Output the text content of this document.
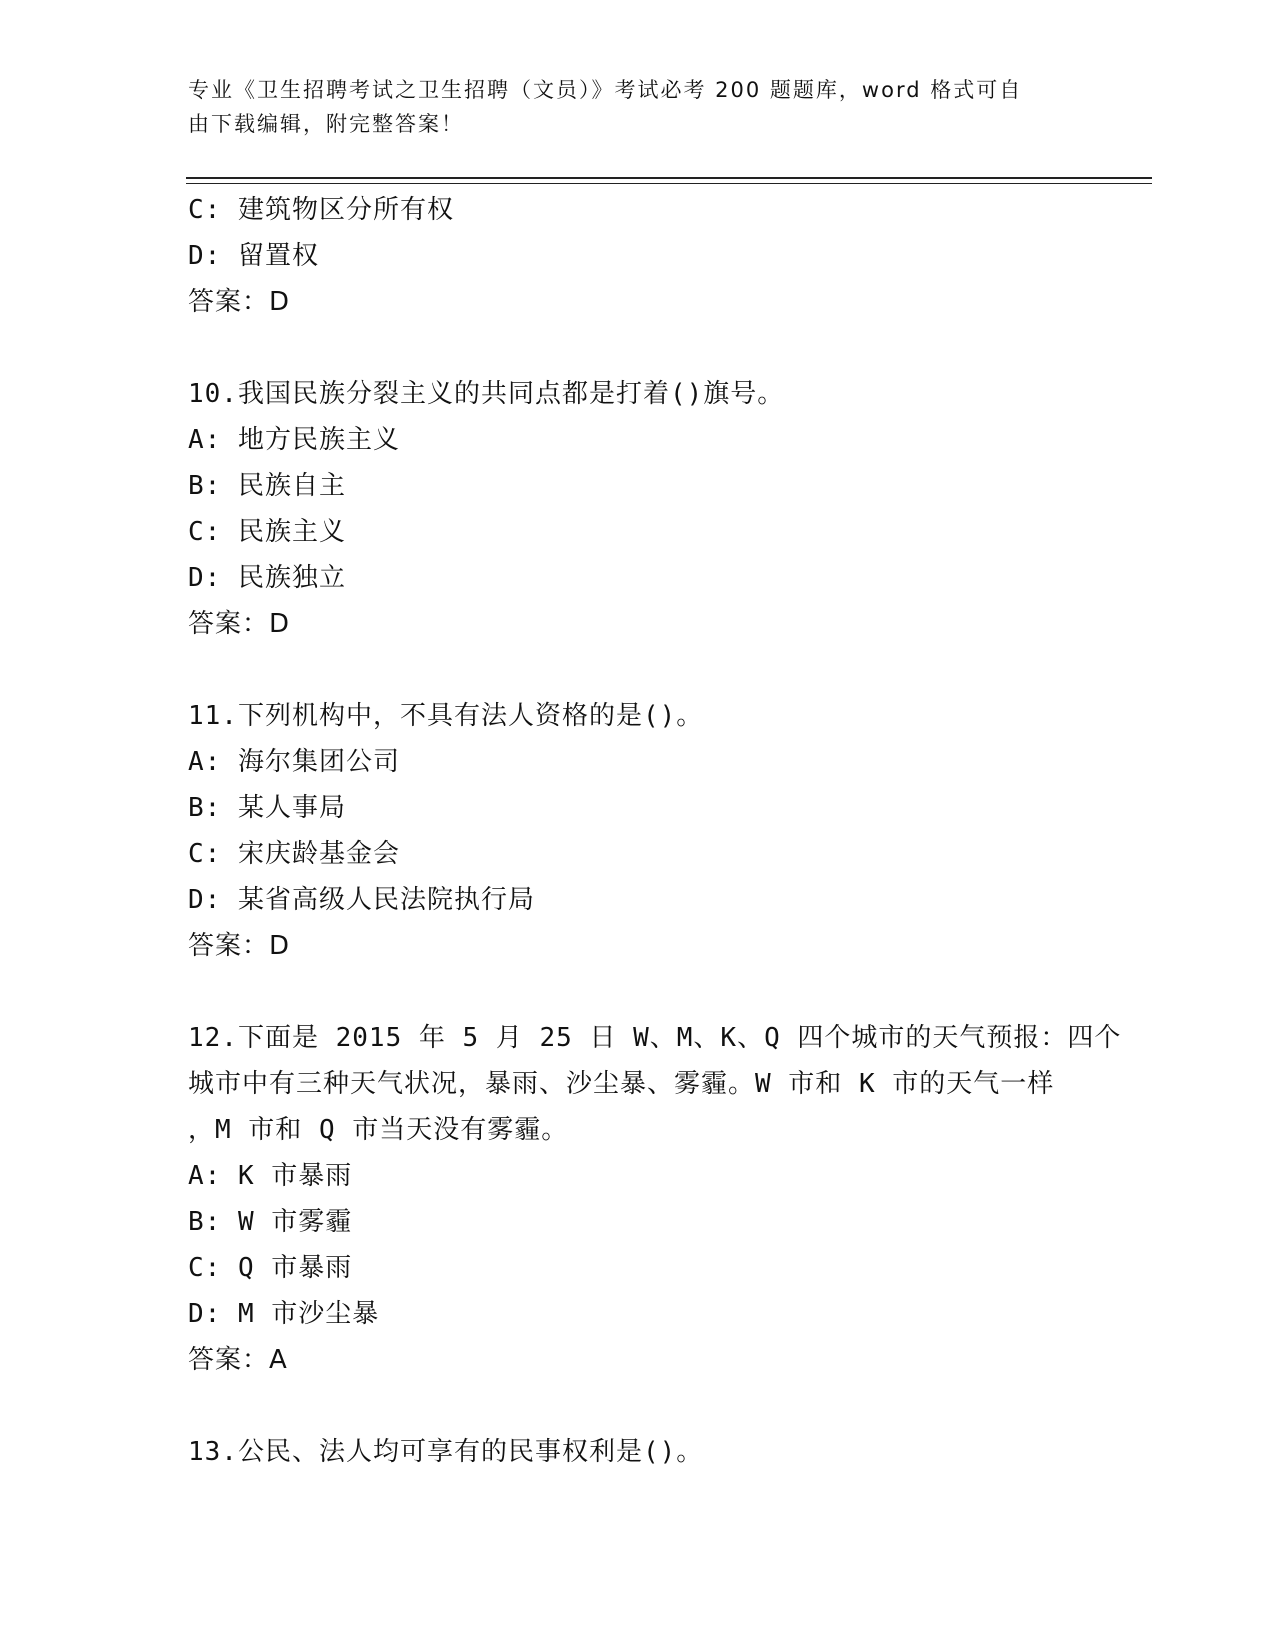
专业《卫生招聘考试之卫生招聘（文员）》考试必考 200 题题库，word 格式可自
由下载编辑，附完整答案！
C: 建筑物区分所有权
D: 留置权
答案：D
10.我国民族分裂主义的共同点都是打着()旗号。
A: 地方民族主义
B: 民族自主
C: 民族主义
D: 民族独立
答案：D
11.下列机构中，不具有法人资格的是()。
A: 海尔集团公司
B: 某人事局
C: 宋庆龄基金会
D: 某省高级人民法院执行局
答案：D
12.下面是 2015 年 5 月 25 日 W、M、K、Q 四个城市的天气预报：四个
城市中有三种天气状况，暴雨、沙尘暴、雾霾。W 市和 K 市的天气一样
，M 市和 Q 市当天没有雾霾。
A: K 市暴雨
B: W 市雾霾
C: Q 市暴雨
D: M 市沙尘暴
答案：A
13.公民、法人均可享有的民事权利是()。
